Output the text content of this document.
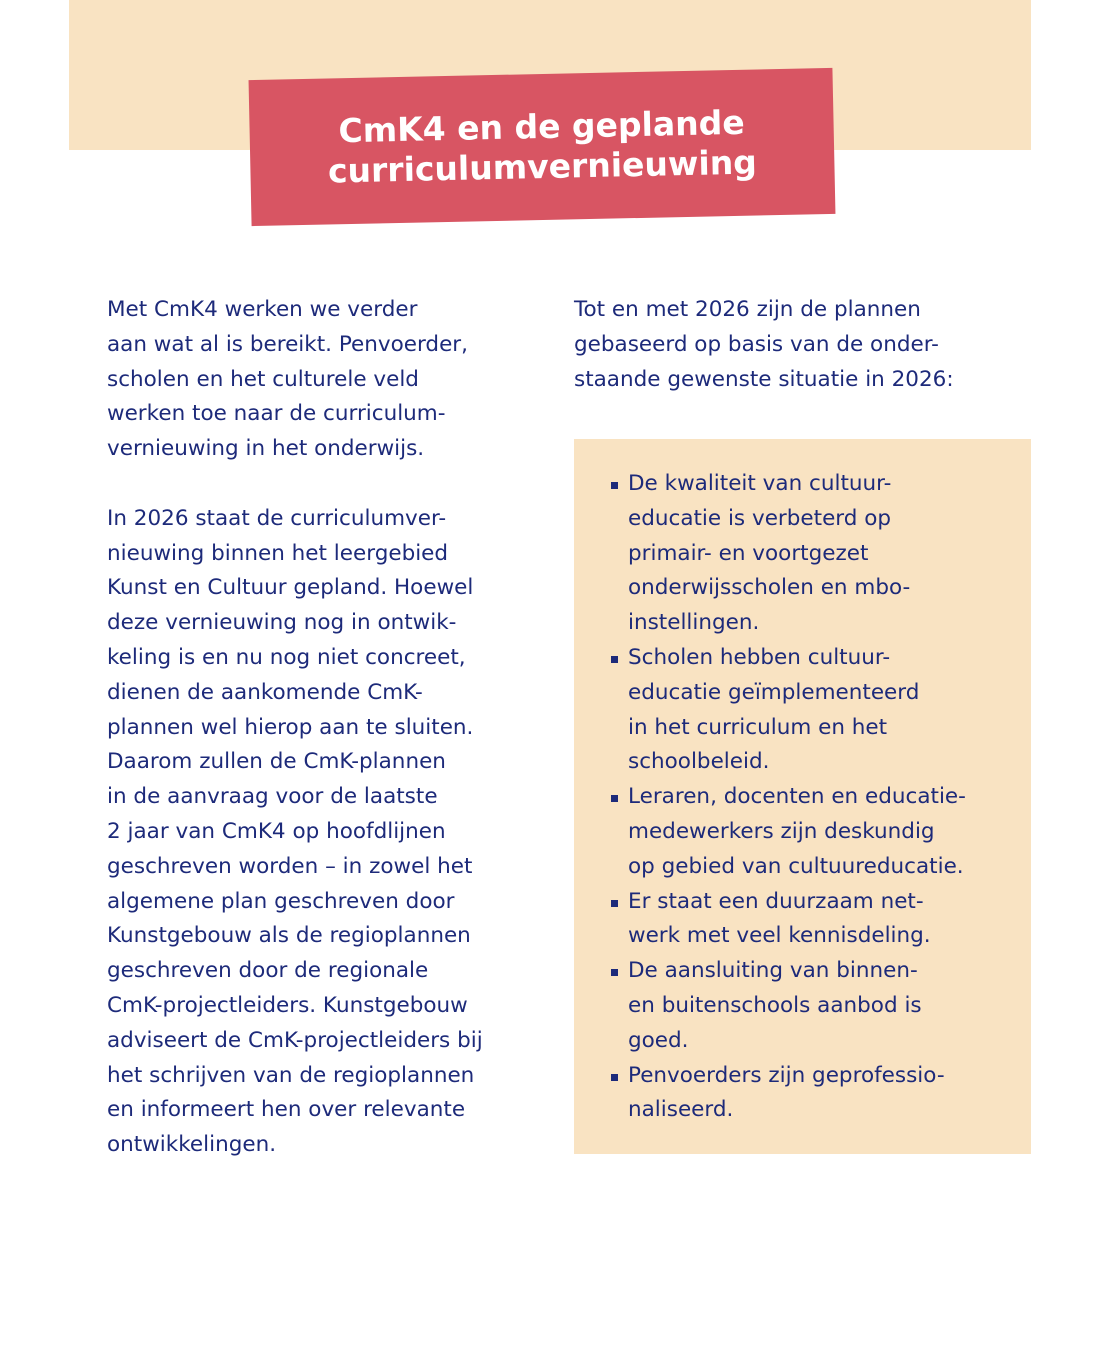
CmK4 en de geplande
curriculumvernieuwing

Met CmK4 werken we verder
aan wat al is bereikt. Penvoerder,
scholen en het culturele veld
werken toe naar de curriculum-
vernieuwing in het onderwijs.

In 2026 staat de curriculumver-
nieuwing binnen het leergebied
Kunst en Cultuur gepland. Hoewel
deze vernieuwing nog in ontwik-
keling is en nu nog niet concreet,
dienen de aankomende CmK-
plannen wel hierop aan te sluiten.
Daarom zullen de CmK-plannen
in de aanvraag voor de laatste
2 jaar van CmK4 op hoofdlijnen
geschreven worden – in zowel het
algemene plan geschreven door
Kunstgebouw als de regioplannen
geschreven door de regionale
CmK-projectleiders. Kunstgebouw
adviseert de CmK-projectleiders bij
het schrijven van de regioplannen
en informeert hen over relevante
ontwikkelingen.

Tot en met 2026 zijn de plannen
gebaseerd op basis van de onder-
staande gewenste situatie in 2026:

De kwaliteit van cultuur-
educatie is verbeterd op
primair- en voortgezet
onderwijsscholen en mbo-
instellingen.
Scholen hebben cultuur-
educatie geïmplementeerd
in het curriculum en het
schoolbeleid.
Leraren, docenten en educatie-
medewerkers zijn deskundig
op gebied van cultuureducatie.
Er staat een duurzaam net-
werk met veel kennisdeling.
De aansluiting van binnen-
en buitenschools aanbod is
goed.
Penvoerders zijn geprofessio-
naliseerd.
